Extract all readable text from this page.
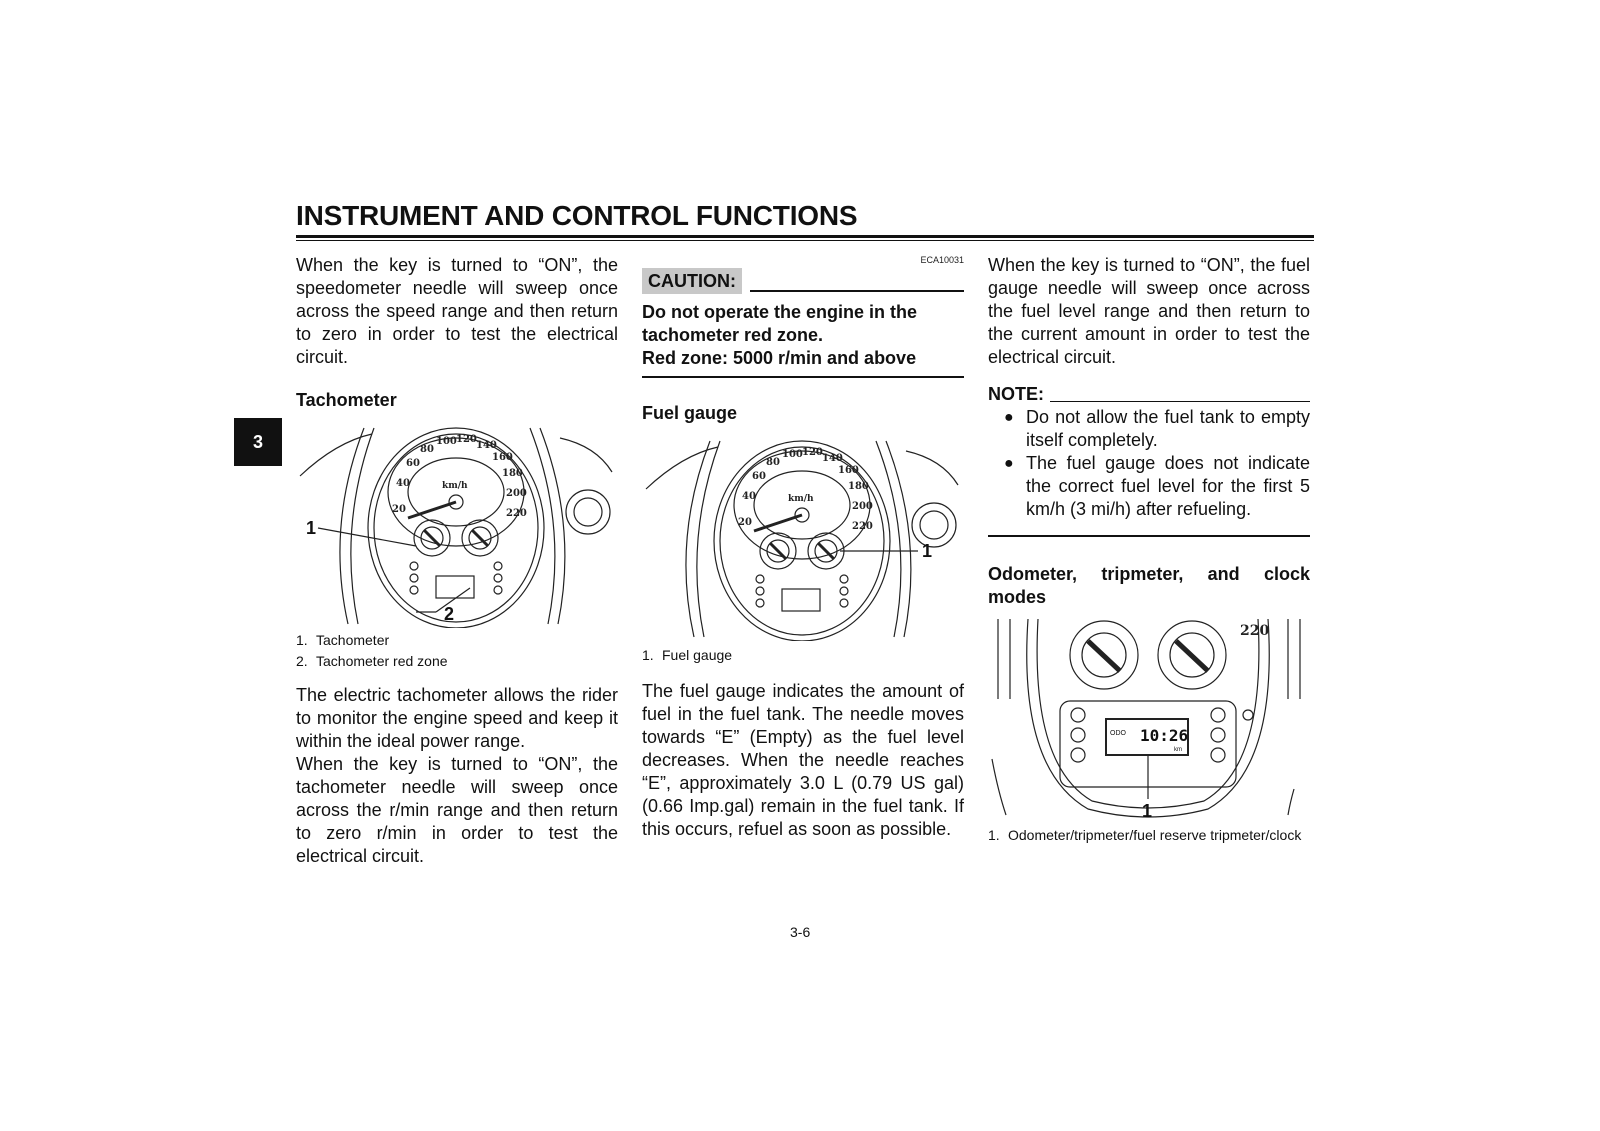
INSTRUMENT AND CONTROL FUNCTIONS
3

When the key is turned to “ON”, the speedometer needle will sweep once across the speed range and then return to zero in order to test the electrical circuit.

Tachometer

20
40
60
80
100 120
140
160
180
200
220
km/h
1
2
1. Tachometer
2. Tachometer red zone

The electric tachometer allows the rider to monitor the engine speed and keep it within the ideal power range.

When the key is turned to “ON”, the tachometer needle will sweep once across the r/min range and then return to zero r/min in order to test the electrical circuit.

ECA10031
CAUTION:

Do not operate the engine in the tachometer red zone.

Red zone: 5000 r/min and above

Fuel gauge

20
40
60
80
100 120
140
160
180
200
220
km/h
1
1. Fuel gauge

The fuel gauge indicates the amount of fuel in the fuel tank. The needle moves towards “E” (Empty) as the fuel level decreases. When the needle reaches “E”, approximately 3.0 L (0.79 US gal) (0.66 Imp.gal) remain in the fuel tank. If this occurs, refuel as soon as possible.

When the key is turned to “ON”, the fuel gauge needle will sweep once across the fuel level range and then return to the current amount in order to test the electrical circuit.

NOTE:
● Do not allow the fuel tank to empty itself completely.
● The fuel gauge does not indicate the correct fuel level for the first 5 km/h (3 mi/h) after refueling.

Odometer, tripmeter, and clock modes

10:26
ODO
km
220
1
1. Odometer/tripmeter/fuel reserve tripmeter/clock
3-6
